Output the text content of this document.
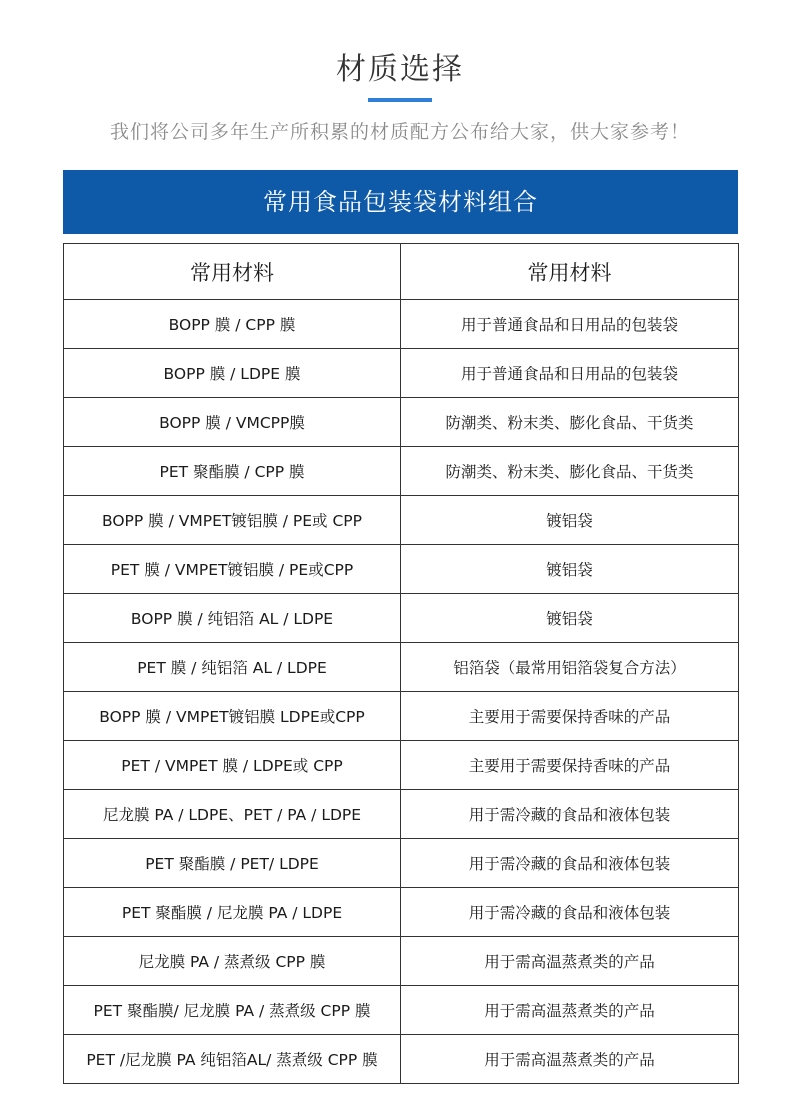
材质选择
我们将公司多年生产所积累的材质配方公布给大家，供大家参考！
常用食品包装袋材料组合
常用材料	常用材料
BOPP 膜 / CPP 膜	用于普通食品和日用品的包装袋
BOPP 膜 / LDPE 膜	用于普通食品和日用品的包装袋
BOPP 膜 / VMCPP膜	防潮类、粉末类、膨化食品、干货类
PET 聚酯膜 / CPP 膜	防潮类、粉末类、膨化食品、干货类
BOPP 膜 / VMPET镀铝膜 / PE或 CPP	镀铝袋
PET 膜 / VMPET镀铝膜 / PE或CPP	镀铝袋
BOPP 膜 / 纯铝箔 AL / LDPE	镀铝袋
PET 膜 / 纯铝箔 AL / LDPE	铝箔袋（最常用铝箔袋复合方法）
BOPP 膜 / VMPET镀铝膜 LDPE或CPP	主要用于需要保持香味的产品
PET / VMPET 膜 / LDPE或 CPP	主要用于需要保持香味的产品
尼龙膜 PA / LDPE、PET / PA / LDPE	用于需冷藏的食品和液体包装
PET 聚酯膜 / PET/ LDPE	用于需冷藏的食品和液体包装
PET 聚酯膜 / 尼龙膜 PA / LDPE	用于需冷藏的食品和液体包装
尼龙膜 PA / 蒸煮级 CPP 膜	用于需高温蒸煮类的产品
PET 聚酯膜/ 尼龙膜 PA / 蒸煮级 CPP 膜	用于需高温蒸煮类的产品
PET /尼龙膜 PA 纯铝箔AL/ 蒸煮级 CPP 膜	用于需高温蒸煮类的产品
